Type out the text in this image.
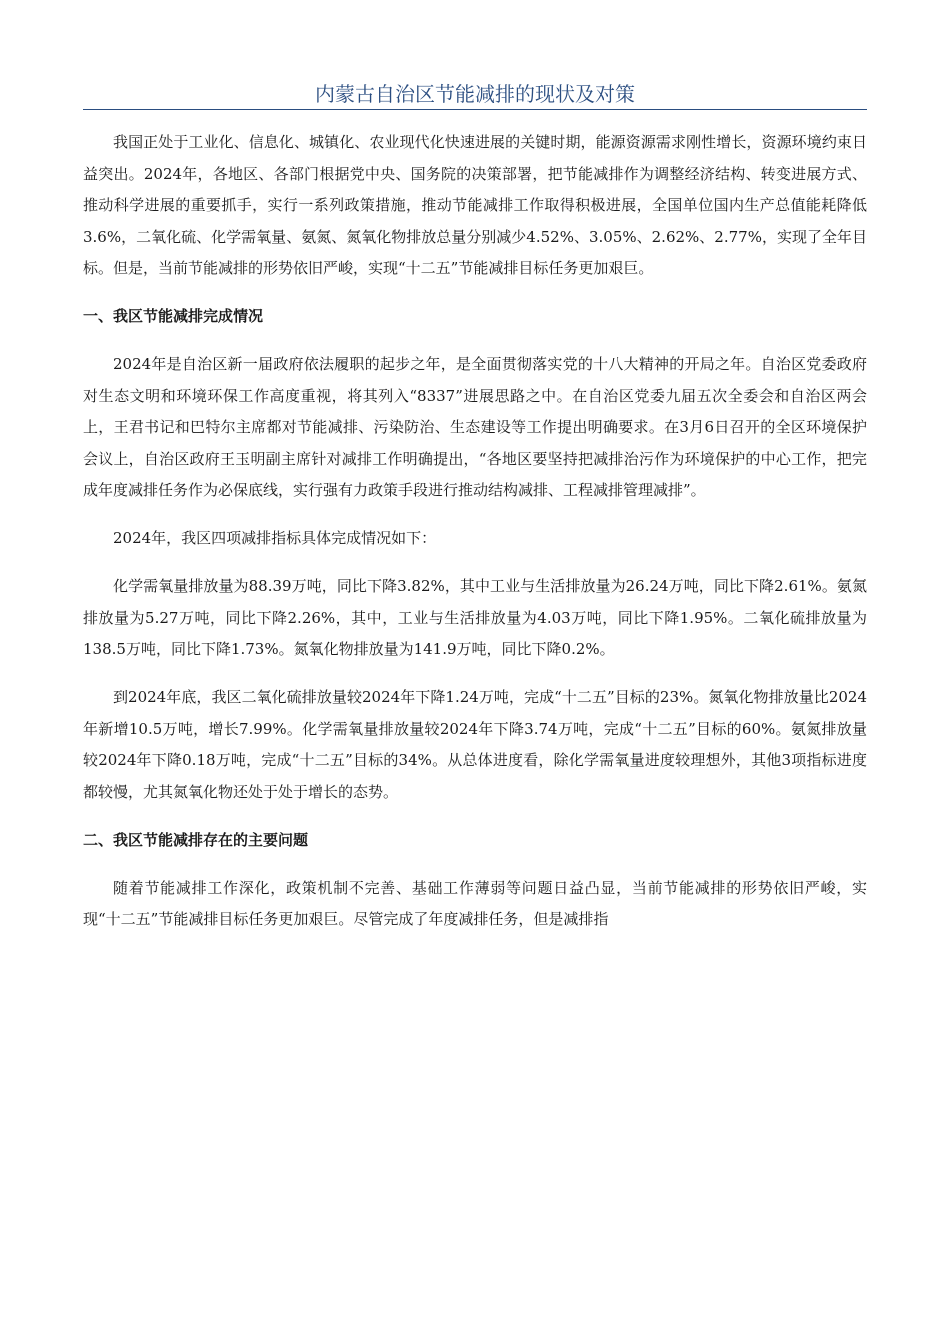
内蒙古自治区节能减排的现状及对策

我国正处于工业化、信息化、城镇化、农业现代化快速进展的关键时期，能源资源需求刚性增长，资源环境约束日益突出。2024年，各地区、各部门根据党中央、国务院的决策部署，把节能减排作为调整经济结构、转变进展方式、推动科学进展的重要抓手，实行一系列政策措施，推动节能减排工作取得积极进展，全国单位国内生产总值能耗降低3.6%，二氧化硫、化学需氧量、氨氮、氮氧化物排放总量分别减少4.52%、3.05%、2.62%、2.77%，实现了全年目标。但是，当前节能减排的形势依旧严峻，实现“十二五”节能减排目标任务更加艰巨。

一、我区节能减排完成情况

2024年是自治区新一届政府依法履职的起步之年，是全面贯彻落实党的十八大精神的开局之年。自治区党委政府对生态文明和环境环保工作高度重视，将其列入“8337”进展思路之中。在自治区党委九届五次全委会和自治区两会上，王君书记和巴特尔主席都对节能减排、污染防治、生态建设等工作提出明确要求。在3月6日召开的全区环境保护会议上，自治区政府王玉明副主席针对减排工作明确提出，“各地区要坚持把减排治污作为环境保护的中心工作，把完成年度减排任务作为必保底线，实行强有力政策手段进行推动结构减排、工程减排管理减排”。

2024年，我区四项减排指标具体完成情况如下：

化学需氧量排放量为88.39万吨，同比下降3.82%，其中工业与生活排放量为26.24万吨，同比下降2.61%。氨氮排放量为5.27万吨，同比下降2.26%，其中，工业与生活排放量为4.03万吨，同比下降1.95%。二氧化硫排放量为138.5万吨，同比下降1.73%。氮氧化物排放量为141.9万吨，同比下降0.2%。

到2024年底，我区二氧化硫排放量较2024年下降1.24万吨，完成“十二五”目标的23%。氮氧化物排放量比2024年新增10.5万吨，增长7.99%。化学需氧量排放量较2024年下降3.74万吨，完成“十二五”目标的60%。氨氮排放量较2024年下降0.18万吨，完成“十二五”目标的34%。从总体进度看，除化学需氧量进度较理想外，其他3项指标进度都较慢，尤其氮氧化物还处于处于增长的态势。

二、我区节能减排存在的主要问题

随着节能减排工作深化，政策机制不完善、基础工作薄弱等问题日益凸显，当前节能减排的形势依旧严峻，实现“十二五”节能减排目标任务更加艰巨。尽管完成了年度减排任务，但是减排指
